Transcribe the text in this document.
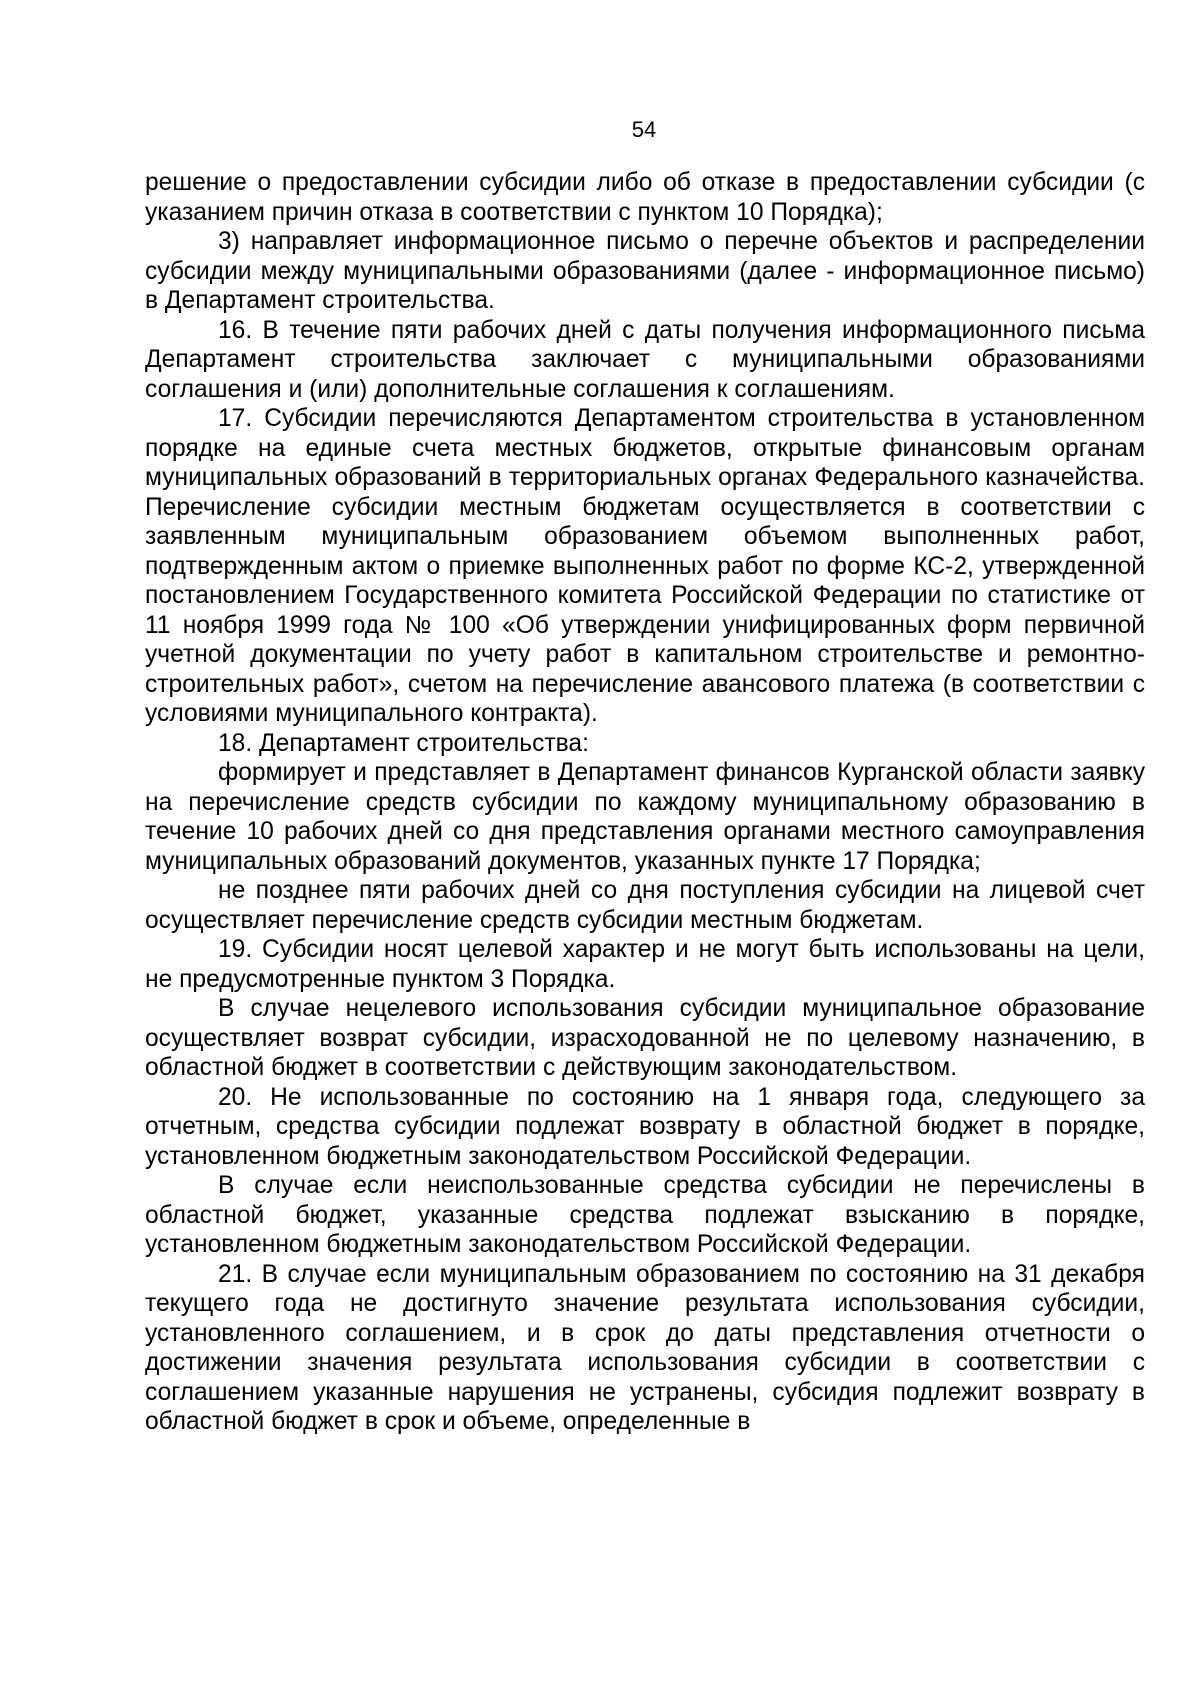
54

решение о предоставлении субсидии либо об отказе в предоставлении субсидии (с указанием причин отказа в соответствии с пунктом 10 Порядка);

3) направляет информационное письмо о перечне объектов и распределении субсидии между муниципальными образованиями (далее - информационное письмо) в Департамент строительства.

16. В течение пяти рабочих дней с даты получения информационного письма Департамент строительства заключает с муниципальными образованиями соглашения и (или) дополнительные соглашения к соглашениям.

17. Субсидии перечисляются Департаментом строительства в установленном порядке на единые счета местных бюджетов, открытые финансовым органам муниципальных образований в территориальных органах Федерального казначейства. Перечисление субсидии местным бюджетам осуществляется в соответствии с заявленным муниципальным образованием объемом выполненных работ, подтвержденным актом о приемке выполненных работ по форме КС-2, утвержденной постановлением Государственного комитета Российской Федерации по статистике от 11 ноября 1999 года № 100 «Об утверждении унифицированных форм первичной учетной документации по учету работ в капитальном строительстве и ремонтно-строительных работ», счетом на перечисление авансового платежа (в соответствии с условиями муниципального контракта).

18. Департамент строительства:

формирует и представляет в Департамент финансов Курганской области заявку на перечисление средств субсидии по каждому муниципальному образованию в течение 10 рабочих дней со дня представления органами местного самоуправления муниципальных образований документов, указанных пункте 17 Порядка;

не позднее пяти рабочих дней со дня поступления субсидии на лицевой счет осуществляет перечисление средств субсидии местным бюджетам.

19. Субсидии носят целевой характер и не могут быть использованы на цели, не предусмотренные пунктом 3 Порядка.

В случае нецелевого использования субсидии муниципальное образование осуществляет возврат субсидии, израсходованной не по целевому назначению, в областной бюджет в соответствии с действующим законодательством.

20. Не использованные по состоянию на 1 января года, следующего за отчетным, средства субсидии подлежат возврату в областной бюджет в порядке, установленном бюджетным законодательством Российской Федерации.

В случае если неиспользованные средства субсидии не перечислены в областной бюджет, указанные средства подлежат взысканию в порядке, установленном бюджетным законодательством Российской Федерации.

21. В случае если муниципальным образованием по состоянию на 31 декабря текущего года не достигнуто значение результата использования субсидии, установленного соглашением, и в срок до даты представления отчетности о достижении значения результата использования субсидии в соответствии с соглашением указанные нарушения не устранены, субсидия подлежит возврату в областной бюджет в срок и объеме, определенные в
